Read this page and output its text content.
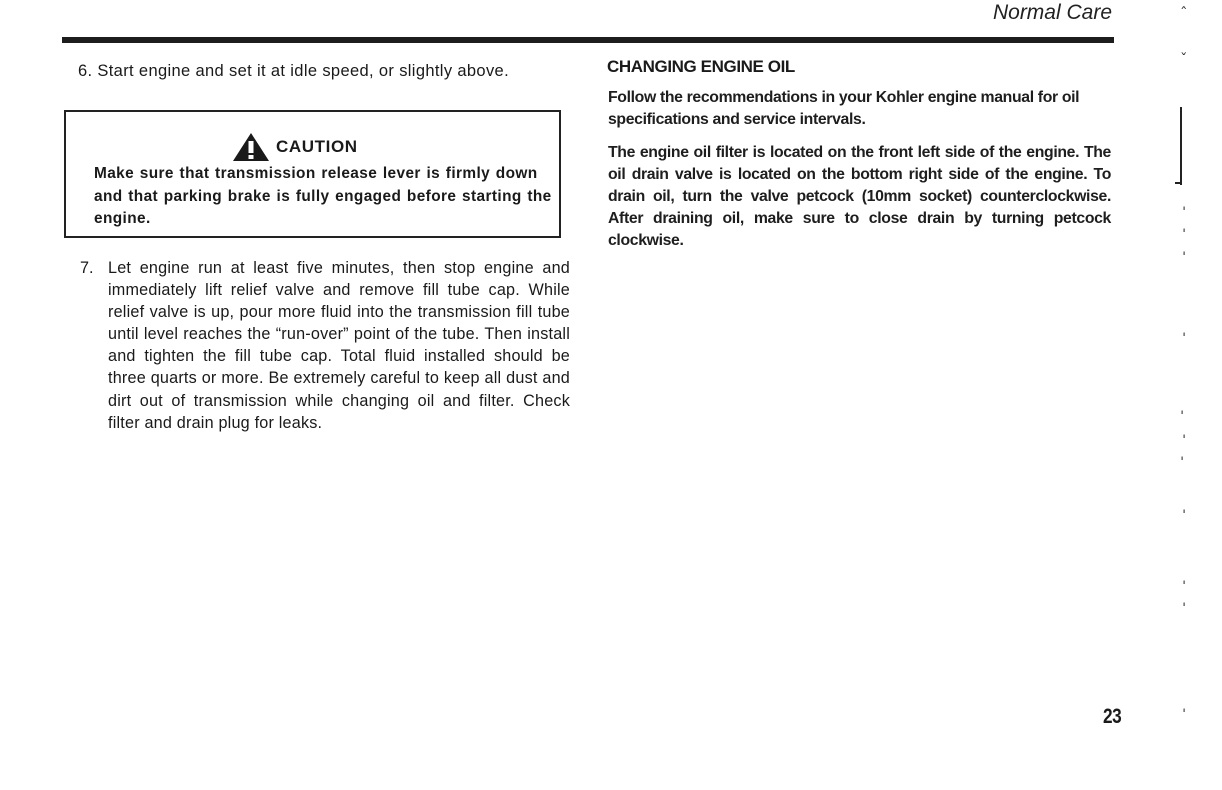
Normal Care
6. Start engine and set it at idle speed, or slightly above.
CAUTION
Make sure that transmission release lever is firmly down and that parking brake is fully engaged before starting the engine.
7. Let engine run at least five minutes, then stop engine and immediately lift relief valve and remove fill tube cap. While relief valve is up, pour more fluid into the transmission fill tube until level reaches the “run-over” point of the tube. Then install and tighten the fill tube cap. Total fluid installed should be three quarts or more. Be extremely careful to keep all dust and dirt out of transmission while changing oil and filter. Check filter and drain plug for leaks.
CHANGING ENGINE OIL
Follow the recommendations in your Kohler engine manual for oil specifications and service intervals.
The engine oil filter is located on the front left side of the engine. The oil drain valve is located on the bottom right side of the engine. To drain oil, turn the valve petcock (10mm socket) counterclockwise. After draining oil, make sure to close drain by turning petcock clockwise.
23
ˆ
ˇ
ˈ
ˈ
ˈ
ˈ
ˈ
ˈ
ˈ
ˈ
ˈ
ˈ
ˈ
